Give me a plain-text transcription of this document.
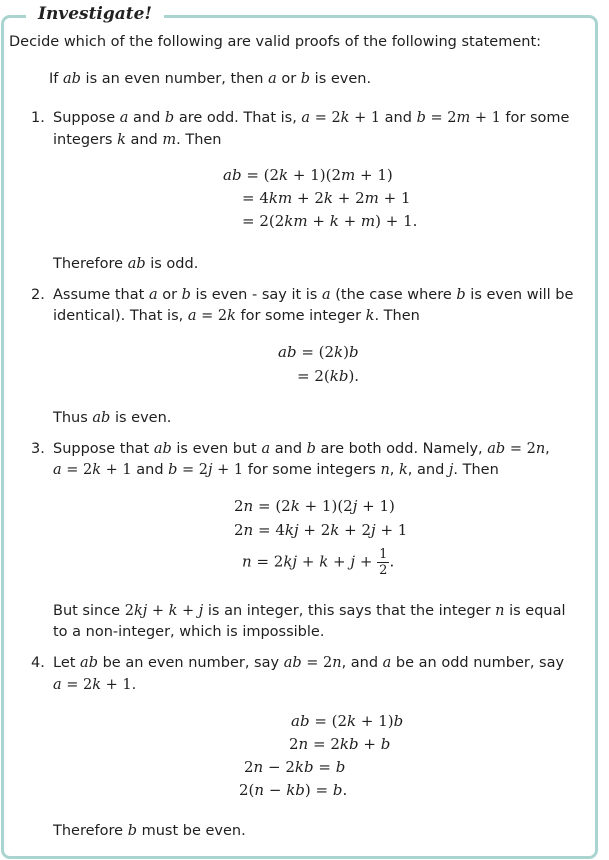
Investigate!
Decide which of the following are valid proofs of the following statement:
If ab is an even number, then a or b is even.
1. Suppose a and b are odd. That is, a = 2k + 1 and b = 2m + 1 for some
integers k and m. Then
ab = (2k + 1)(2m + 1)
= 4km + 2k + 2m + 1
= 2(2km + k + m) + 1.
Therefore ab is odd.
2. Assume that a or b is even - say it is a (the case where b is even will be
identical). That is, a = 2k for some integer k. Then
ab = (2k)b
= 2(kb).
Thus ab is even.
3. Suppose that ab is even but a and b are both odd. Namely, ab = 2n,
a = 2k + 1 and b = 2j + 1 for some integers n, k, and j. Then
2n = (2k + 1)(2j + 1)
2n = 4kj + 2k + 2j + 1
$n = 2kj + k + j + \frac{1}{2}$ .
But since 2kj + k + j is an integer, this says that the integer n is equal
to a non-integer, which is impossible.
4. Let ab be an even number, say ab = 2n, and a be an odd number, say
a = 2k + 1.
ab = (2k + 1)b
2n = 2kb + b
2n − 2kb = b
2(n − kb) = b.
Therefore b must be even.
